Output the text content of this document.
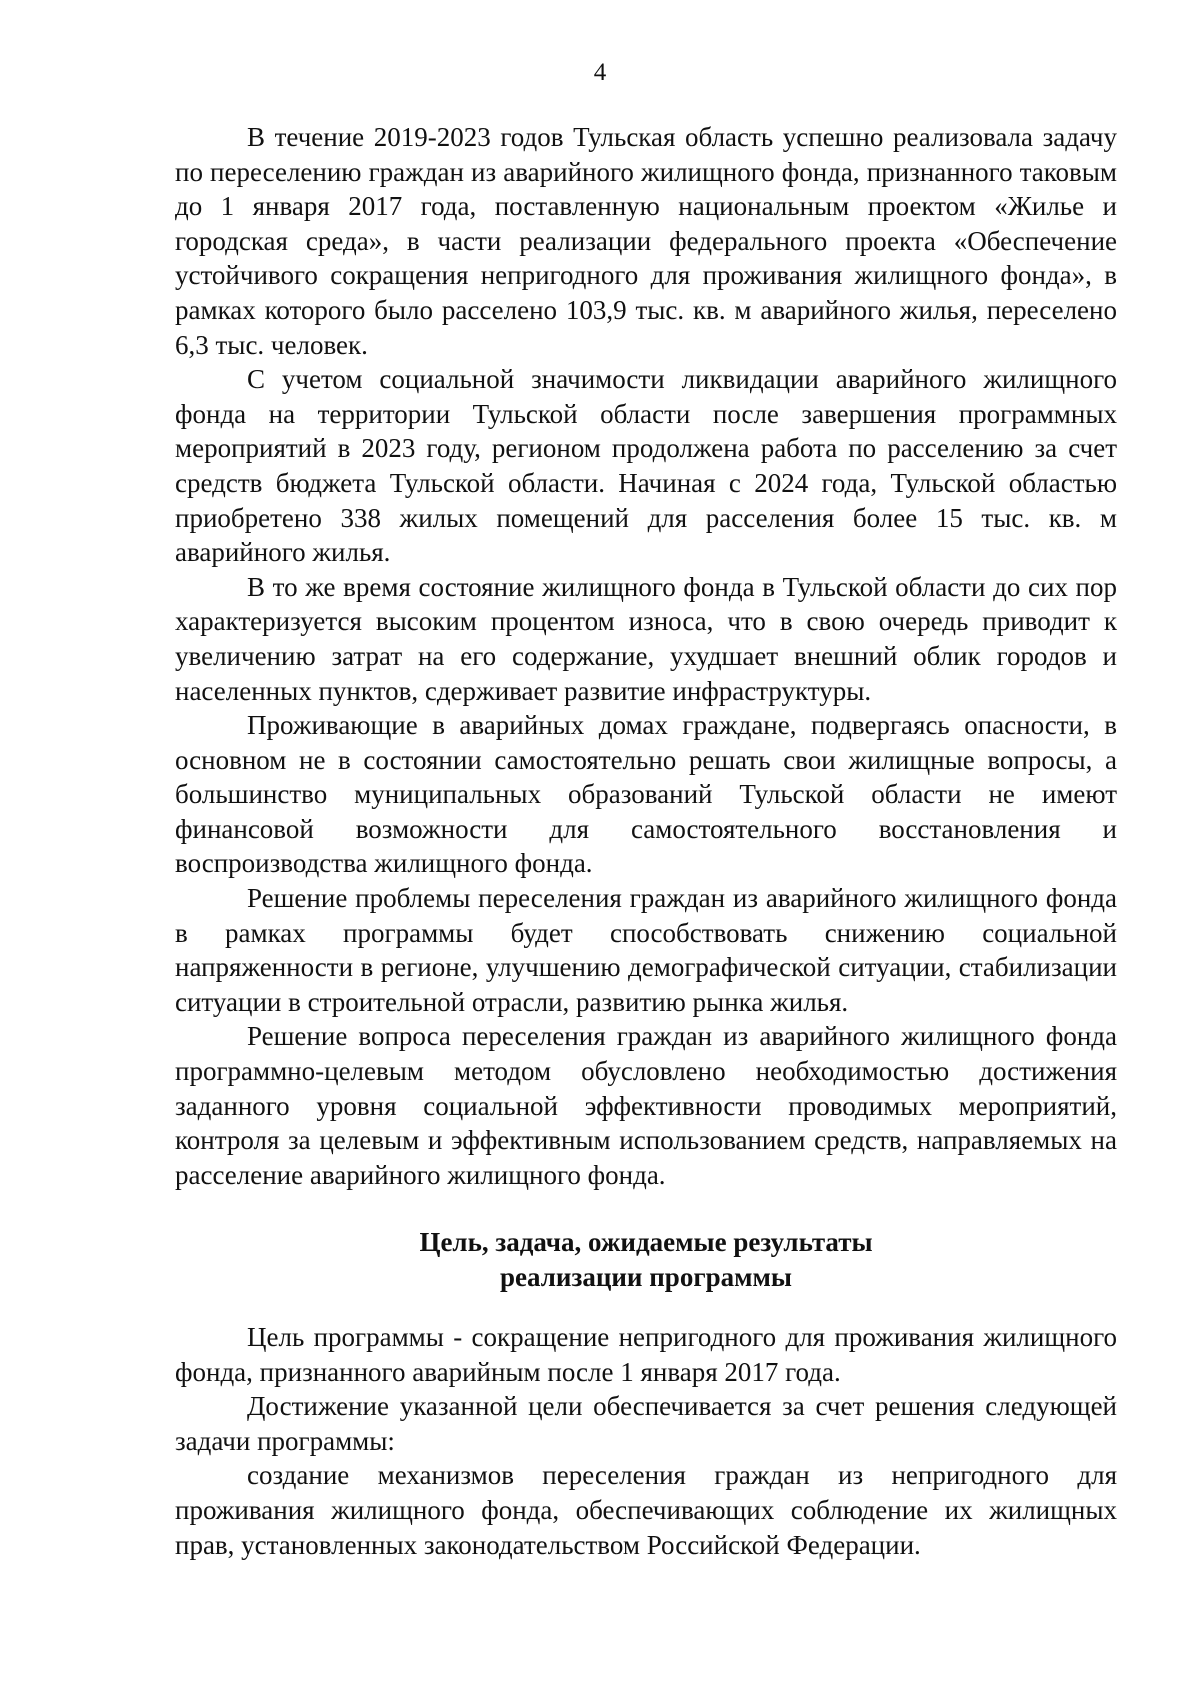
4

В течение 2019-2023 годов Тульская область успешно реализовала задачу по переселению граждан из аварийного жилищного фонда, признанного таковым до 1 января 2017 года, поставленную национальным проектом «Жилье и городская среда», в части реализации федерального проекта «Обеспечение устойчивого сокращения непригодного для проживания жилищного фонда», в рамках которого было расселено 103,9 тыс. кв. м аварийного жилья, переселено 6,3 тыс. человек.

С учетом социальной значимости ликвидации аварийного жилищного фонда на территории Тульской области после завершения программных мероприятий в 2023 году, регионом продолжена работа по расселению за счет средств бюджета Тульской области. Начиная с 2024 года, Тульской областью приобретено 338 жилых помещений для расселения более 15 тыс. кв. м аварийного жилья.

В то же время состояние жилищного фонда в Тульской области до сих пор характеризуется высоким процентом износа, что в свою очередь приводит к увеличению затрат на его содержание, ухудшает внешний облик городов и населенных пунктов, сдерживает развитие инфраструктуры.

Проживающие в аварийных домах граждане, подвергаясь опасности, в основном не в состоянии самостоятельно решать свои жилищные вопросы, а большинство муниципальных образований Тульской области не имеют финансовой возможности для самостоятельного восстановления и воспроизводства жилищного фонда.

Решение проблемы переселения граждан из аварийного жилищного фонда в рамках программы будет способствовать снижению социальной напряженности в регионе, улучшению демографической ситуации, стабилизации ситуации в строительной отрасли, развитию рынка жилья.

Решение вопроса переселения граждан из аварийного жилищного фонда программно-целевым методом обусловлено необходимостью достижения заданного уровня социальной эффективности проводимых мероприятий, контроля за целевым и эффективным использованием средств, направляемых на расселение аварийного жилищного фонда.

Цель, задача, ожидаемые результаты
реализации программы

Цель программы - сокращение непригодного для проживания жилищного фонда, признанного аварийным после 1 января 2017 года.

Достижение указанной цели обеспечивается за счет решения следующей задачи программы:

создание механизмов переселения граждан из непригодного для проживания жилищного фонда, обеспечивающих соблюдение их жилищных прав, установленных законодательством Российской Федерации.
